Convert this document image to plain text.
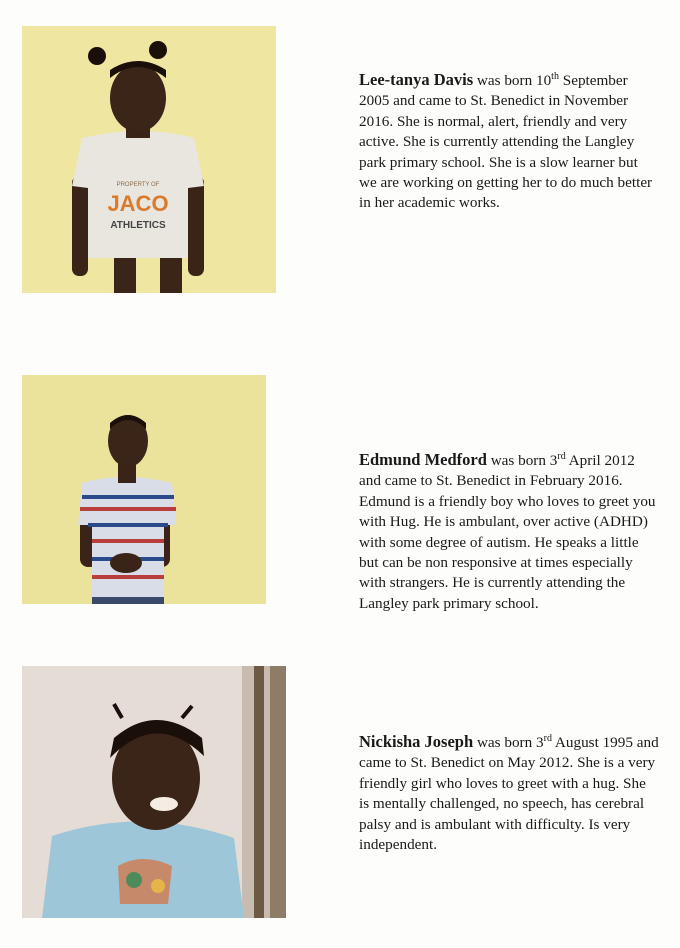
PROPERTY OF
JACO
ATHLETICS
Lee-tanya Davis was born 10th September 2005 and came to St. Benedict in November 2016. She is normal, alert, friendly and very active. She is currently attending the Langley park primary school. She is a slow learner but we are working on getting her to do much better in her academic works.
Edmund Medford was born 3rd April 2012 and came to St. Benedict in February 2016. Edmund is a friendly boy who loves to greet you with Hug. He is ambulant, over active (ADHD) with some degree of autism. He speaks a little but can be non responsive at times especially with strangers. He is currently attending the Langley park primary school.
Nickisha Joseph was born 3rd August 1995 and came to St. Benedict on May 2012. She is a very friendly girl who loves to greet with a hug. She is mentally challenged, no speech, has cerebral palsy and is ambulant with difficulty. Is very independent.
